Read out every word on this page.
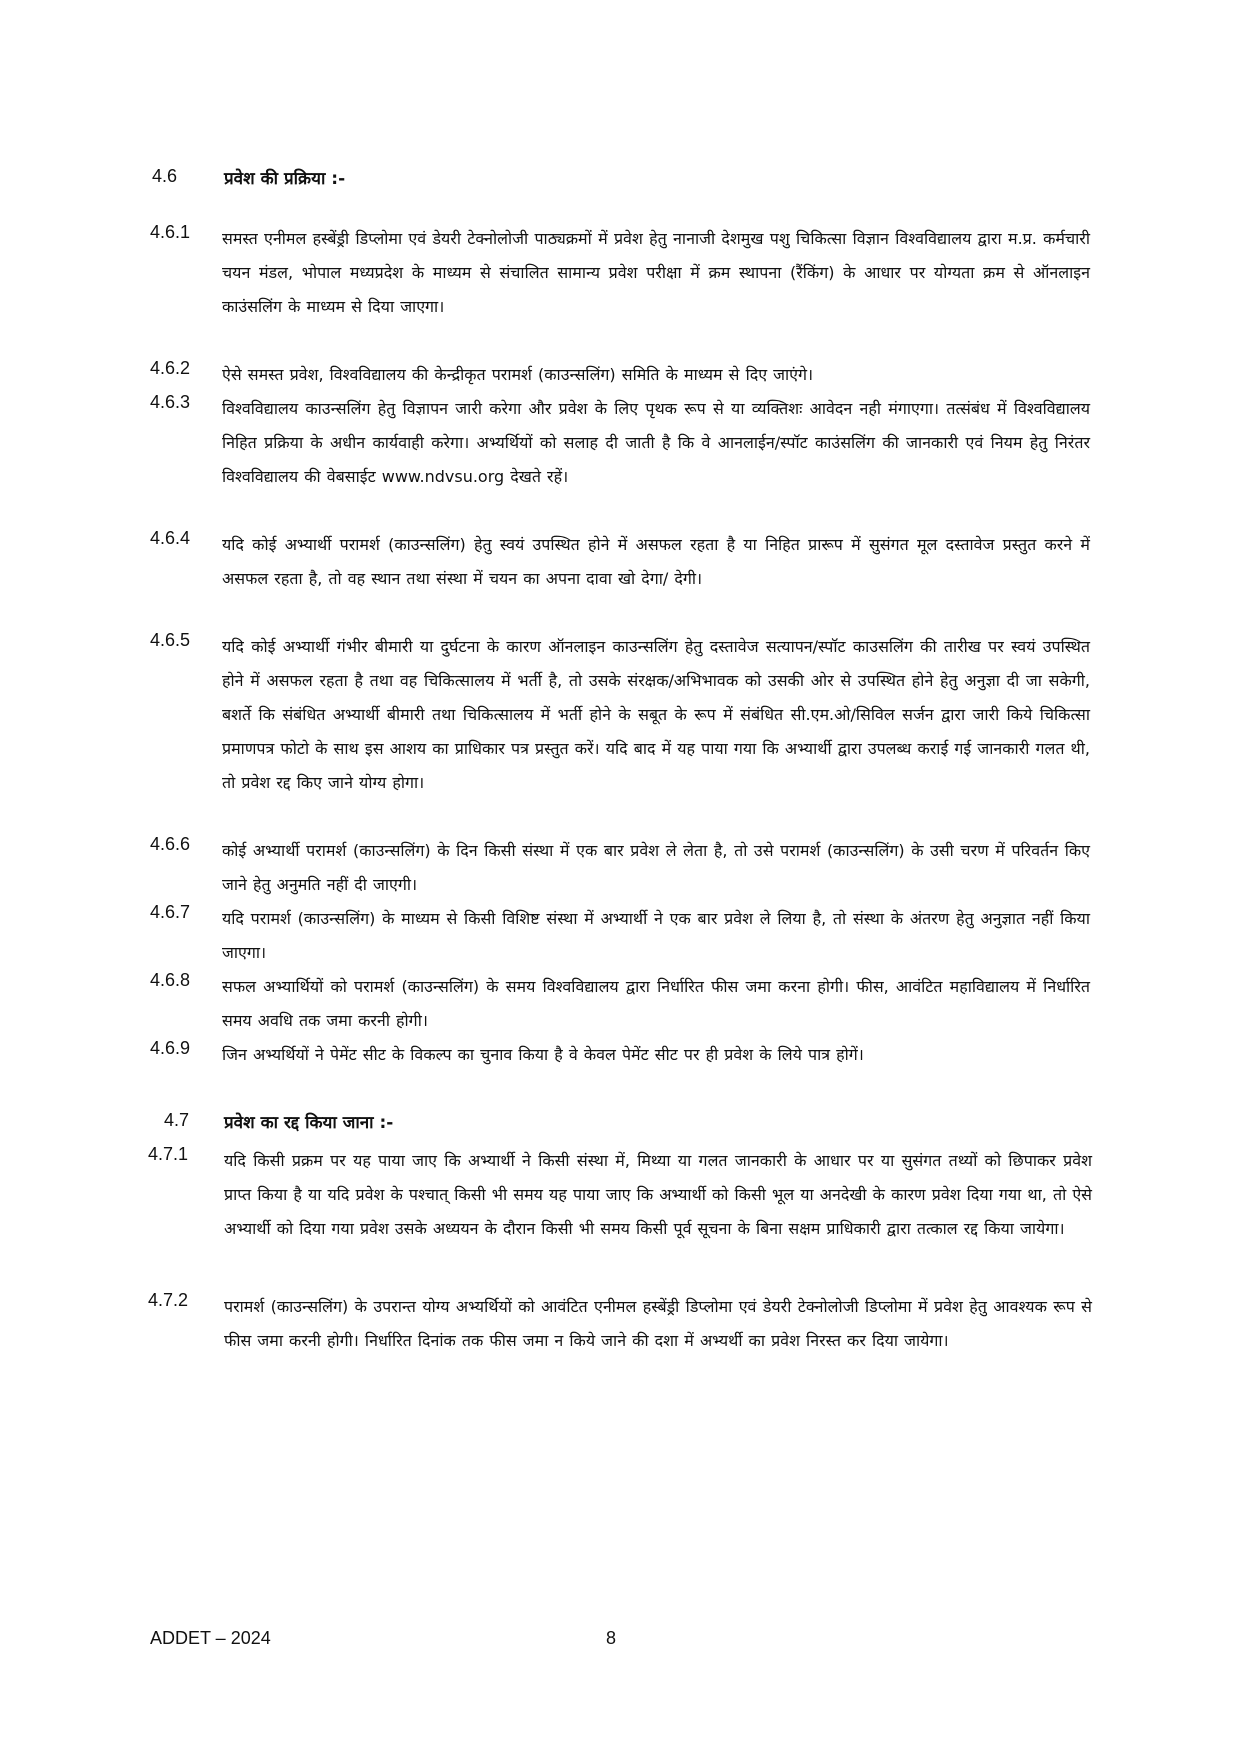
4.6	प्रवेश की प्रक्रिया :-
4.6.1 समस्त एनीमल हस्बेंड्री डिप्लोमा एवं डेयरी टेक्नोलोजी पाठ्यक्रमों में प्रवेश हेतु नानाजी देशमुख पशु चिकित्सा विज्ञान विश्वविद्यालय द्वारा म.प्र. कर्मचारी चयन मंडल, भोपाल मध्यप्रदेश के माध्यम से संचालित सामान्य प्रवेश परीक्षा में क्रम स्थापना (रैंकिंग) के आधार पर योग्यता क्रम से ऑनलाइन काउंसलिंग के माध्यम से दिया जाएगा।
4.6.2 ऐसे समस्त प्रवेश, विश्वविद्यालय की केन्द्रीकृत परामर्श (काउन्सलिंग) समिति के माध्यम से दिए जाएंगे।
4.6.3 विश्वविद्यालय काउन्सलिंग हेतु विज्ञापन जारी करेगा और प्रवेश के लिए पृथक रूप से या व्यक्तिशः आवेदन नही मंगाएगा। तत्संबंध में विश्वविद्यालय निहित प्रक्रिया के अधीन कार्यवाही करेगा। अभ्यर्थियों को सलाह दी जाती है कि वे आनलाईन/स्पॉट काउंसलिंग की जानकारी एवं नियम हेतु निरंतर विश्वविद्यालय की वेबसाईट www.ndvsu.org देखते रहें।
4.6.4 यदि कोई अभ्यार्थी परामर्श (काउन्सलिंग) हेतु स्वयं उपस्थित होने में असफल रहता है या निहित प्रारूप में सुसंगत मूल दस्तावेज प्रस्तुत करने में असफल रहता है, तो वह स्थान तथा संस्था में चयन का अपना दावा खो देगा/ देगी।
4.6.5 यदि कोई अभ्यार्थी गंभीर बीमारी या दुर्घटना के कारण ऑनलाइन काउन्सलिंग हेतु दस्तावेज सत्यापन/स्पॉट काउसलिंग की तारीख पर स्वयं उपस्थित होने में असफल रहता है तथा वह चिकित्सालय में भर्ती है, तो उसके संरक्षक/अभिभावक को उसकी ओर से उपस्थित होने हेतु अनुज्ञा दी जा सकेगी, बशर्ते कि संबंधित अभ्यार्थी बीमारी तथा चिकित्सालय में भर्ती होने के सबूत के रूप में संबंधित सी.एम.ओ/सिविल सर्जन द्वारा जारी किये चिकित्सा प्रमाणपत्र फोटो के साथ इस आशय का प्राधिकार पत्र प्रस्तुत करें। यदि बाद में यह पाया गया कि अभ्यार्थी द्वारा उपलब्ध कराई गई जानकारी गलत थी, तो प्रवेश रद्द किए जाने योग्य होगा।
4.6.6 कोई अभ्यार्थी परामर्श (काउन्सलिंग) के दिन किसी संस्था में एक बार प्रवेश ले लेता है, तो उसे परामर्श (काउन्सलिंग) के उसी चरण में परिवर्तन किए जाने हेतु अनुमति नहीं दी जाएगी।
4.6.7 यदि परामर्श (काउन्सलिंग) के माध्यम से किसी विशिष्ट संस्था में अभ्यार्थी ने एक बार प्रवेश ले लिया है, तो संस्था के अंतरण हेतु अनुज्ञात नहीं किया जाएगा।
4.6.8 सफल अभ्यार्थियों को परामर्श (काउन्सलिंग) के समय विश्वविद्यालय द्वारा निर्धारित फीस जमा करना होगी। फीस, आवंटित महाविद्यालय में निर्धारित समय अवधि तक जमा करनी होगी।
4.6.9 जिन अभ्यर्थियों ने पेमेंट सीट के विकल्प का चुनाव किया है वे केवल पेमेंट सीट पर ही प्रवेश के लिये पात्र होगें।
4.7 प्रवेश का रद्द किया जाना :-
4.7.1 यदि किसी प्रक्रम पर यह पाया जाए कि अभ्यार्थी ने किसी संस्था में, मिथ्या या गलत जानकारी के आधार पर या सुसंगत तथ्यों को छिपाकर प्रवेश प्राप्त किया है या यदि प्रवेश के पश्चात् किसी भी समय यह पाया जाए कि अभ्यार्थी को किसी भूल या अनदेखी के कारण प्रवेश दिया गया था, तो ऐसे अभ्यार्थी को दिया गया प्रवेश उसके अध्ययन के दौरान किसी भी समय किसी पूर्व सूचना के बिना सक्षम प्राधिकारी द्वारा तत्काल रद्द किया जायेगा।
4.7.2 परामर्श (काउन्सलिंग) के उपरान्त योग्य अभ्यर्थियों को आवंटित एनीमल हस्बेंड्री डिप्लोमा एवं डेयरी टेक्नोलोजी डिप्लोमा में प्रवेश हेतु आवश्यक रूप से फीस जमा करनी होगी। निर्धारित दिनांक तक फीस जमा न किये जाने की दशा में अभ्यर्थी का प्रवेश निरस्त कर दिया जायेगा।
ADDET – 2024	8
